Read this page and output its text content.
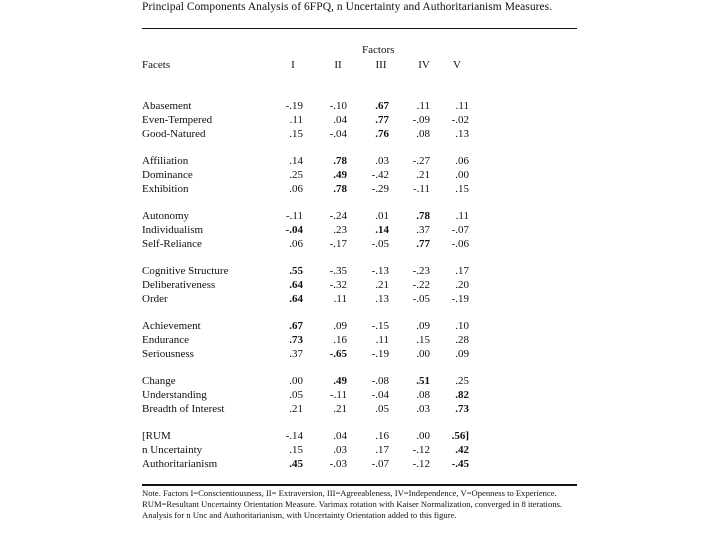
Principal Components Analysis of 6FPQ, n Uncertainty and Authoritarianism Measures.
Factors
Facets	I	II	III	IV	V
Abasement	-.19	-.10	.67	.11	.11
Even-Tempered	.11	.04	.77	-.09	-.02
Good-Natured	.15	-.04	.76	.08	.13
Affiliation	.14	.78	.03	-.27	.06
Dominance	.25	.49	-.42	.21	.00
Exhibition	.06	.78	-.29	-.11	.15
Autonomy	-.11	-.24	.01	.78	.11
Individualism	-.04	.23	.14	.37	-.07
Self-Reliance	.06	-.17	-.05	.77	-.06
Cognitive Structure	.55	-.35	-.13	-.23	.17
Deliberativeness	.64	-.32	.21	-.22	.20
Order	.64	.11	.13	-.05	-.19
Achievement	.67	.09	-.15	.09	.10
Endurance	.73	.16	.11	.15	.28
Seriousness	.37	-.65	-.19	.00	.09
Change	.00	.49	-.08	.51	.25
Understanding	.05	-.11	-.04	.08	.82
Breadth of Interest	.21	.21	.05	.03	.73
[RUM	-.14	.04	.16	.00	.56]
n Uncertainty	.15	.03	.17	-.12	.42
Authoritarianism	.45	-.03	-.07	-.12	-.45
Note. Factors I=Conscientiousness, II= Extraversion, III=Agreeableness, IV=Independence, V=Openness to Experience. RUM=Resultant Uncertainty Orientation Measure. Varimax rotation with Kaiser Normalization, converged in 8 iterations. Analysis for n Unc and Authoritarianism, with Uncertainty Orientation added to this figure.
